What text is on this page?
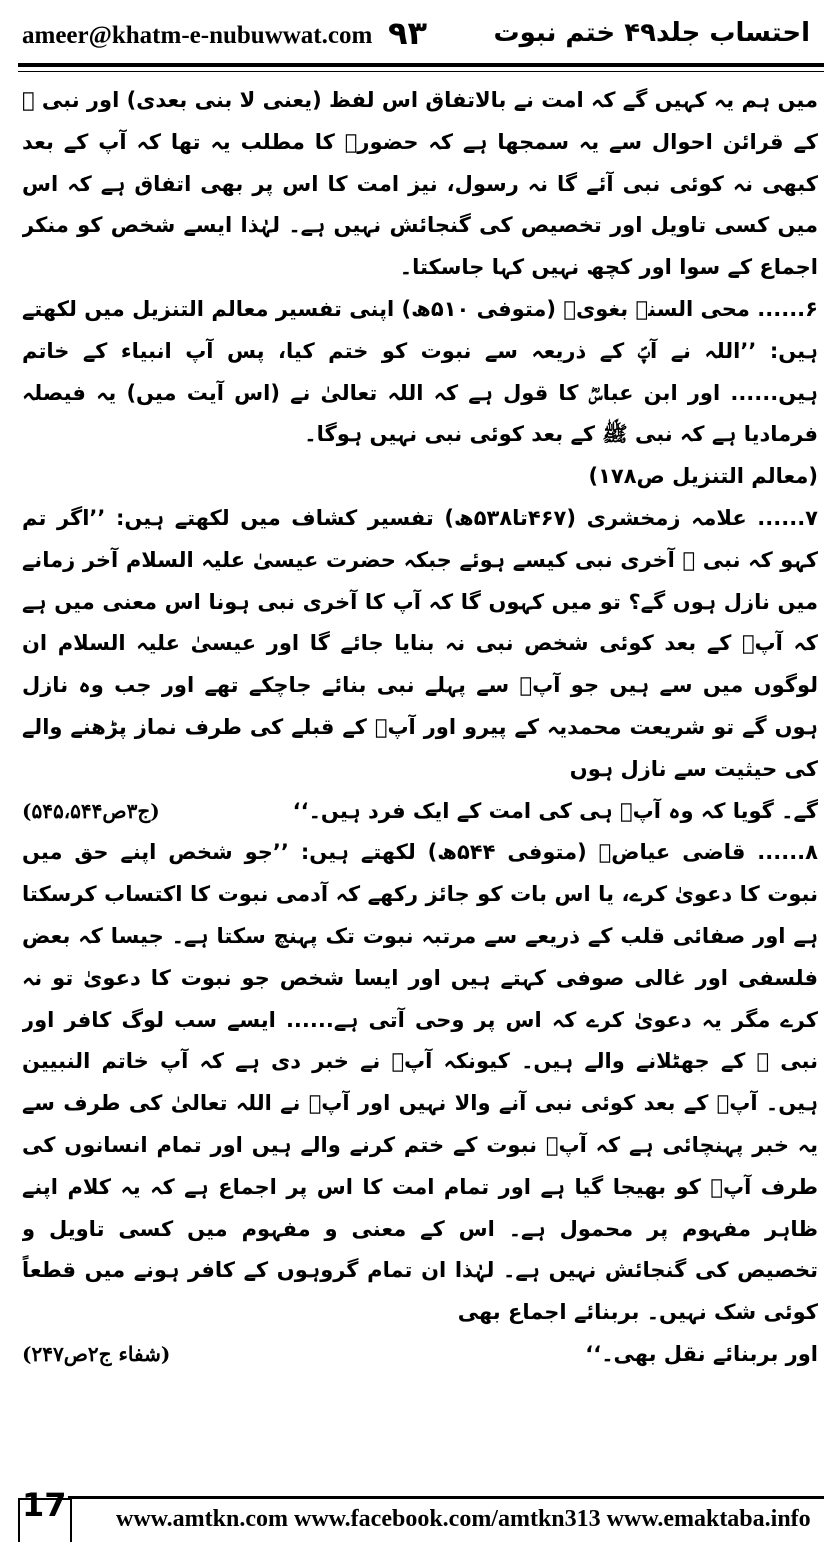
ameer@khatm-e-nubuwwat.com ۹۳	احتساب جلد۴۹ ختم نبوت

میں ہم یہ کہیں گے کہ امت نے بالاتفاق اس لفظ (یعنی لا بنی بعدی) اور نبی ﷺ کے قرائن احوال سے یہ سمجھا ہے کہ حضورؐ کا مطلب یہ تھا کہ آپ کے بعد کبھی نہ کوئی نبی آئے گا نہ رسول، نیز امت کا اس پر بھی اتفاق ہے کہ اس میں کسی تاویل اور تخصیص کی گنجائش نہیں ہے۔ لہٰذا ایسے شخص کو منکر اجماع کے سوا اور کچھ نہیں کہا جاسکتا۔

۶...... محی السنہ بغویؒ (متوفی ۵۱۰ھ) اپنی تفسیر معالم التنزیل میں لکھتے ہیں: ’’اللہ نے آپؐ کے ذریعہ سے نبوت کو ختم کیا، پس آپ انبیاء کے خاتم ہیں...... اور ابن عباسؓ کا قول ہے کہ اللہ تعالیٰ نے (اس آیت میں) یہ فیصلہ فرمادیا ہے کہ نبی ﷺ کے بعد کوئی نبی نہیں ہوگا۔

(معالم التنزیل ص۱۷۸)

۷...... علامہ زمخشری (۴۶۷تا۵۳۸ھ) تفسیر کشاف میں لکھتے ہیں: ’’اگر تم کہو کہ نبی ﷺ آخری نبی کیسے ہوئے جبکہ حضرت عیسیٰ علیہ السلام آخر زمانے میں نازل ہوں گے؟ تو میں کہوں گا کہ آپ کا آخری نبی ہونا اس معنی میں ہے کہ آپؐ کے بعد کوئی شخص نبی نہ بنایا جائے گا اور عیسیٰ علیہ السلام ان لوگوں میں سے ہیں جو آپؐ سے پہلے نبی بنائے جاچکے تھے اور جب وہ نازل ہوں گے تو شریعت محمدیہ کے پیرو اور آپؐ کے قبلے کی طرف نماز پڑھنے والے کی حیثیت سے نازل ہوں

گے۔ گویا کہ وہ آپؐ ہی کی امت کے ایک فرد ہیں۔‘‘

(ج۳ص۵۴۵،۵۴۴)

۸...... قاضی عیاضؒ (متوفی ۵۴۴ھ) لکھتے ہیں: ’’جو شخص اپنے حق میں نبوت کا دعویٰ کرے، یا اس بات کو جائز رکھے کہ آدمی نبوت کا اکتساب کرسکتا ہے اور صفائی قلب کے ذریعے سے مرتبہ نبوت تک پہنچ سکتا ہے۔ جیسا کہ بعض فلسفی اور غالی صوفی کہتے ہیں اور ایسا شخص جو نبوت کا دعویٰ تو نہ کرے مگر یہ دعویٰ کرے کہ اس پر وحی آتی ہے...... ایسے سب لوگ کافر اور نبی ﷺ کے جھٹلانے والے ہیں۔ کیونکہ آپؐ نے خبر دی ہے کہ آپ خاتم النبیین ہیں۔ آپؐ کے بعد کوئی نبی آنے والا نہیں اور آپؐ نے اللہ تعالیٰ کی طرف سے یہ خبر پہنچائی ہے کہ آپؐ نبوت کے ختم کرنے والے ہیں اور تمام انسانوں کی طرف آپؐ کو بھیجا گیا ہے اور تمام امت کا اس پر اجماع ہے کہ یہ کلام اپنے ظاہر مفہوم پر محمول ہے۔ اس کے معنی و مفہوم میں کسی تاویل و تخصیص کی گنجائش نہیں ہے۔ لہٰذا ان تمام گروہوں کے کافر ہونے میں قطعاً کوئی شک نہیں۔ بربنائے اجماع بھی

اور بربنائے نقل بھی۔‘‘

(شفاء ج۲ص۲۴۷)
17 www.amtkn.com www.facebook.com/amtkn313 www.emaktaba.info
